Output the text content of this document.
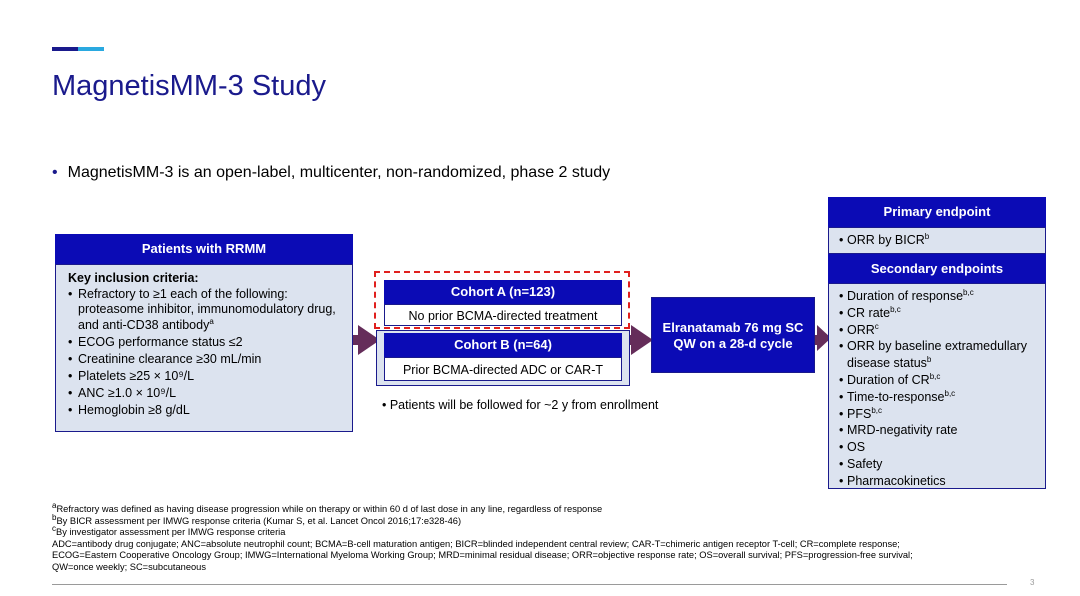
MagnetisMM-3 Study
• MagnetisMM-3 is an open-label, multicenter, non-randomized, phase 2 study
Patients with RRMM
Key inclusion criteria:
• Refractory to ≥1 each of the following: proteasome inhibitor, immunomodulatory drug, and anti-CD38 antibody$^a$
• ECOG performance status ≤2
• Creatinine clearance ≥30 mL/min
• Platelets ≥25 × 10⁹/L
• ANC ≥1.0 × 10⁹/L
• Hemoglobin ≥8 g/dL
Cohort A (n=123)
No prior BCMA-directed treatment
Cohort B (n=64)
Prior BCMA-directed ADC or CAR-T
• Patients will be followed for ~2 y from enrollment
Elranatamab 76 mg SC
QW on a 28-d cycle
Primary endpoint
• ORR by BICR$^b$
Secondary endpoints
• Duration of response$^{b,c}$
• CR rate$^{b,c}$
• ORR$^c$
• ORR by baseline extramedullary disease status$^b$
• Duration of CR$^{b,c}$
• Time-to-response$^{b,c}$
• PFS$^{b,c}$
• MRD-negativity rate
• OS
• Safety
• Pharmacokinetics
aRefractory was defined as having disease progression while on therapy or within 60 d of last dose in any line, regardless of response
bBy BICR assessment per IMWG response criteria (Kumar S, et al. Lancet Oncol 2016;17:e328-46)
cBy investigator assessment per IMWG response criteria
ADC=antibody drug conjugate; ANC=absolute neutrophil count; BCMA=B-cell maturation antigen; BICR=blinded independent central review; CAR-T=chimeric antigen receptor T-cell; CR=complete response;
ECOG=Eastern Cooperative Oncology Group; IMWG=International Myeloma Working Group; MRD=minimal residual disease; ORR=objective response rate; OS=overall survival; PFS=progression-free survival;
QW=once weekly; SC=subcutaneous
3
